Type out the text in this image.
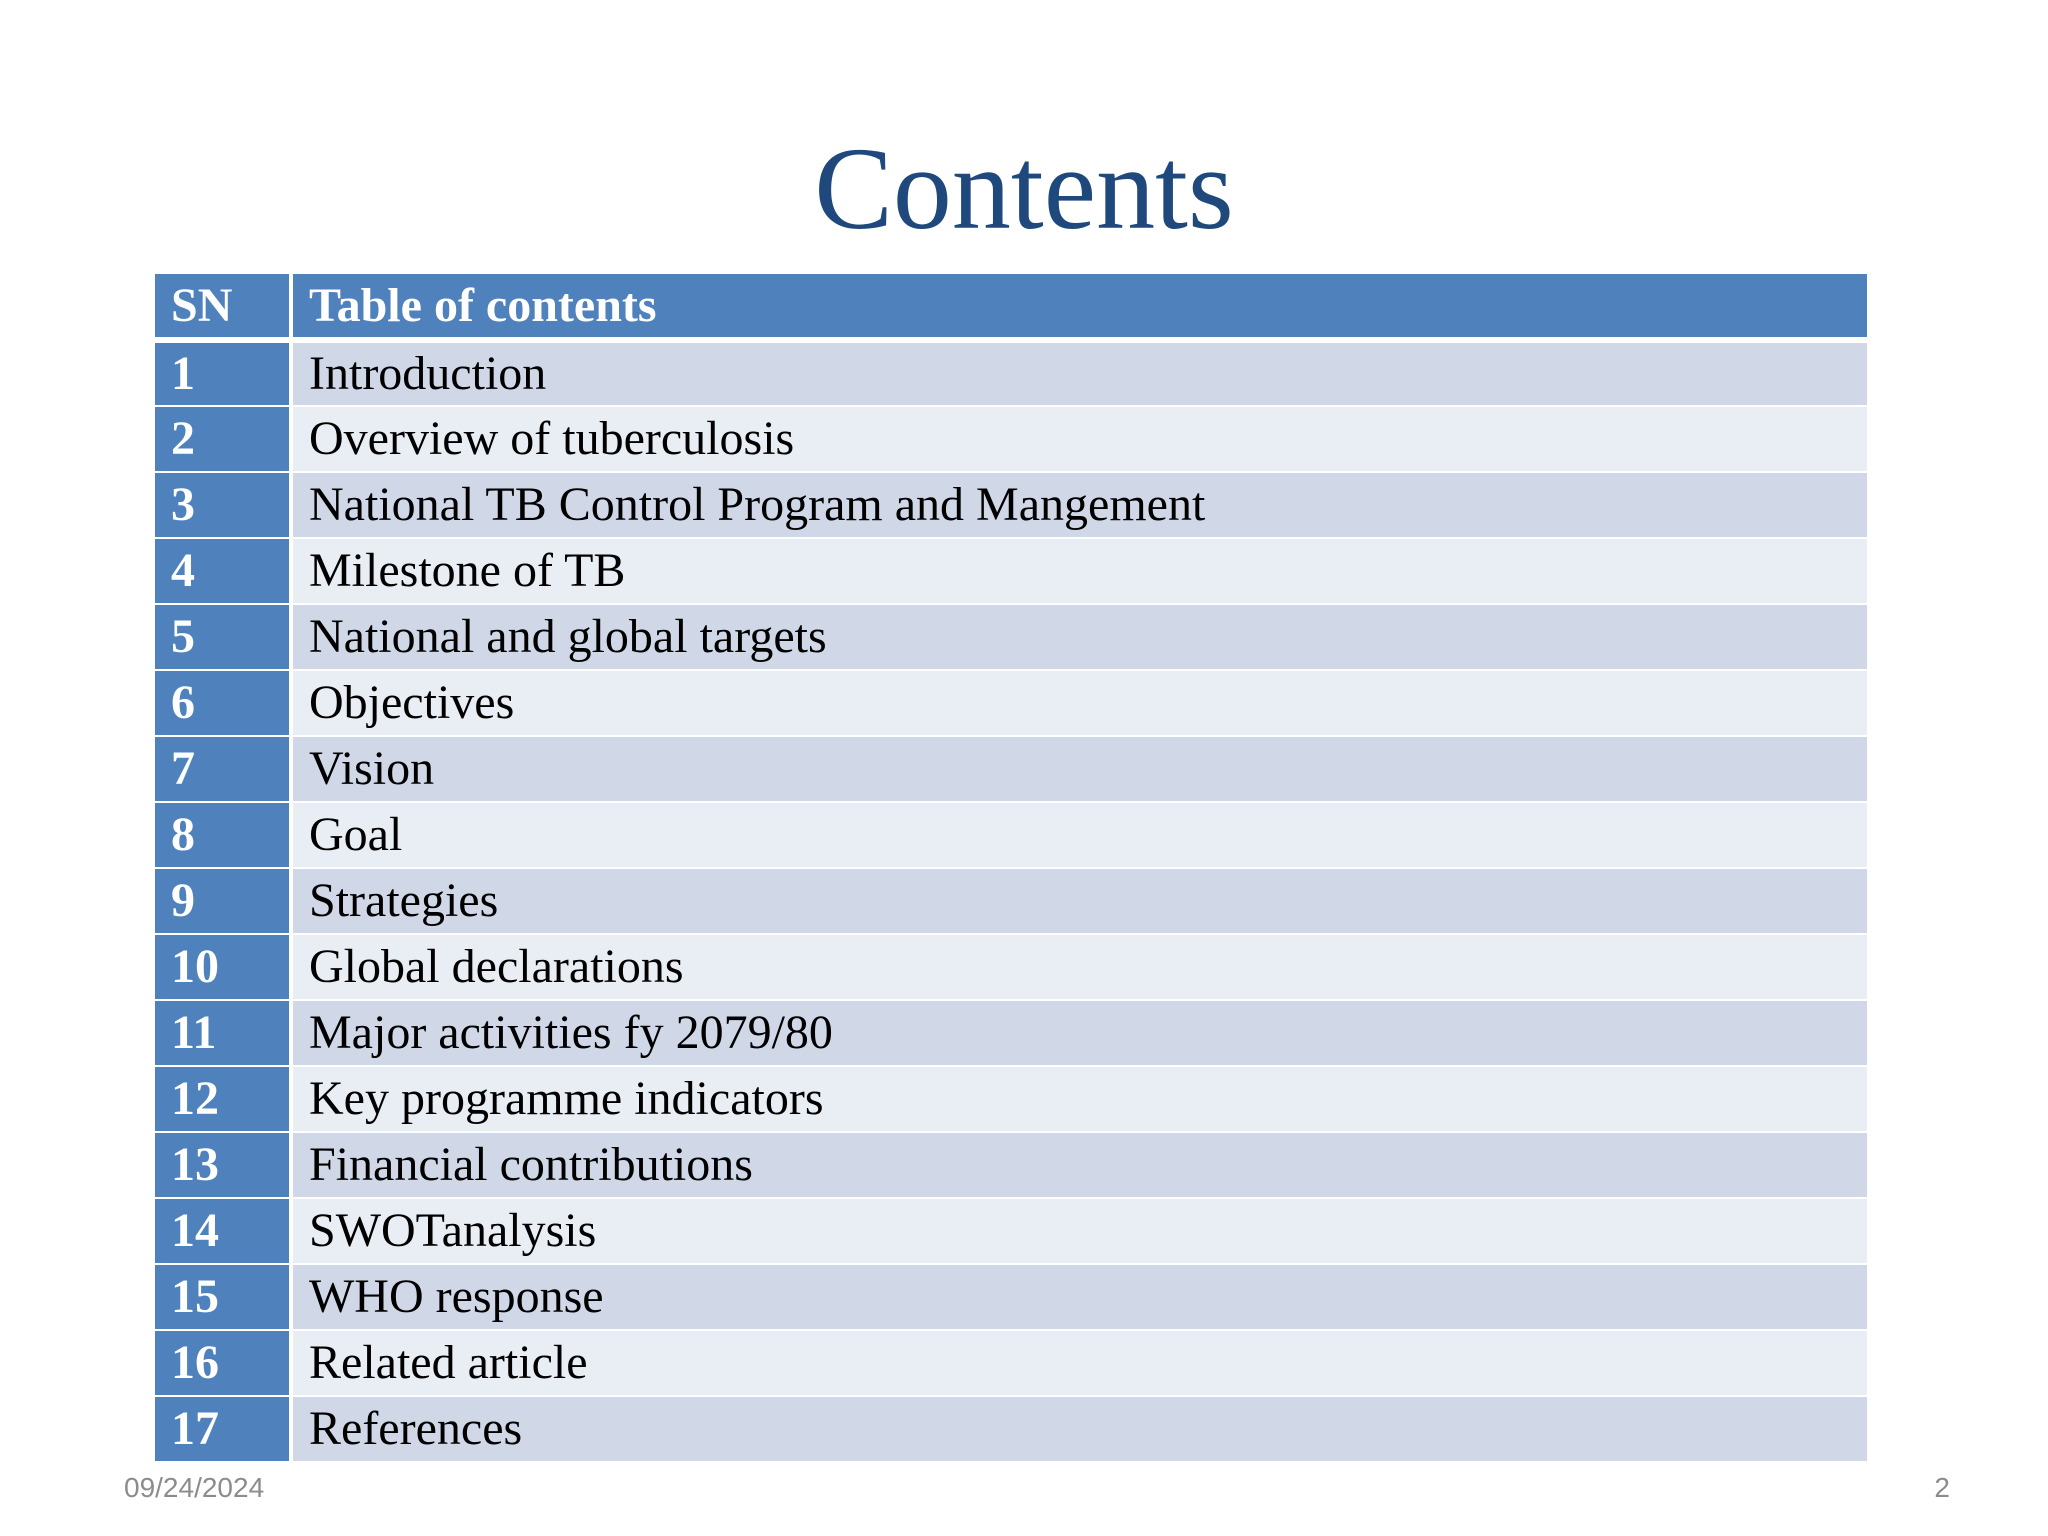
Contents
SN	Table of contents
1	Introduction
2	Overview of tuberculosis
3	National TB Control Program and Mangement
4	Milestone of TB
5	National and global targets
6	Objectives
7	Vision
8	Goal
9	Strategies
10	Global declarations
11	Major activities fy 2079/80
12	Key programme indicators
13	Financial contributions
14	SWOTanalysis
15	WHO response
16	Related article
17	References
09/24/2024	2
